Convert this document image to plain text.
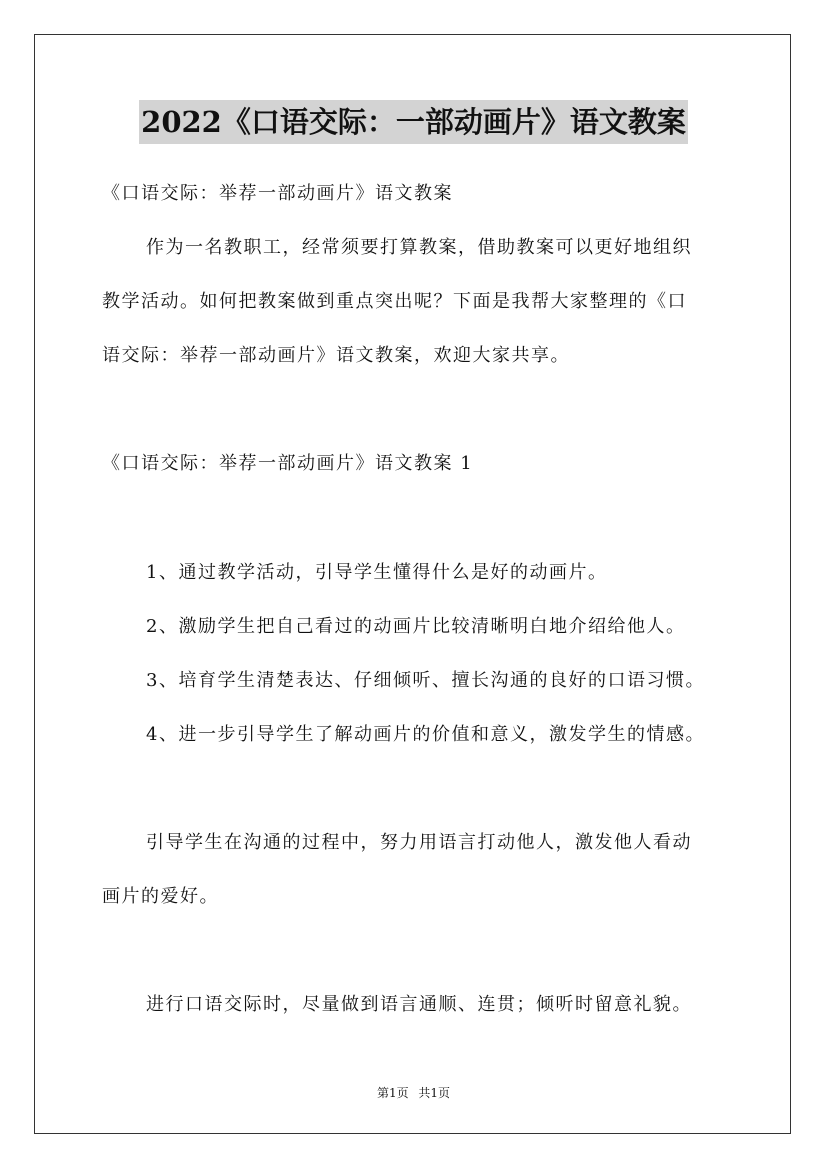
2022《口语交际：一部动画片》语文教案
《口语交际：举荐一部动画片》语文教案
作为一名教职工，经常须要打算教案，借助教案可以更好地组织
教学活动。如何把教案做到重点突出呢？下面是我帮大家整理的《口
语交际：举荐一部动画片》语文教案，欢迎大家共享。
《口语交际：举荐一部动画片》语文教案 1
1、通过教学活动，引导学生懂得什么是好的动画片。
2、激励学生把自己看过的动画片比较清晰明白地介绍给他人。
3、培育学生清楚表达、仔细倾听、擅长沟通的良好的口语习惯。
4、进一步引导学生了解动画片的价值和意义，激发学生的情感。
引导学生在沟通的过程中，努力用语言打动他人，激发他人看动
画片的爱好。
进行口语交际时，尽量做到语言通顺、连贯；倾听时留意礼貌。
第1页 共1页
